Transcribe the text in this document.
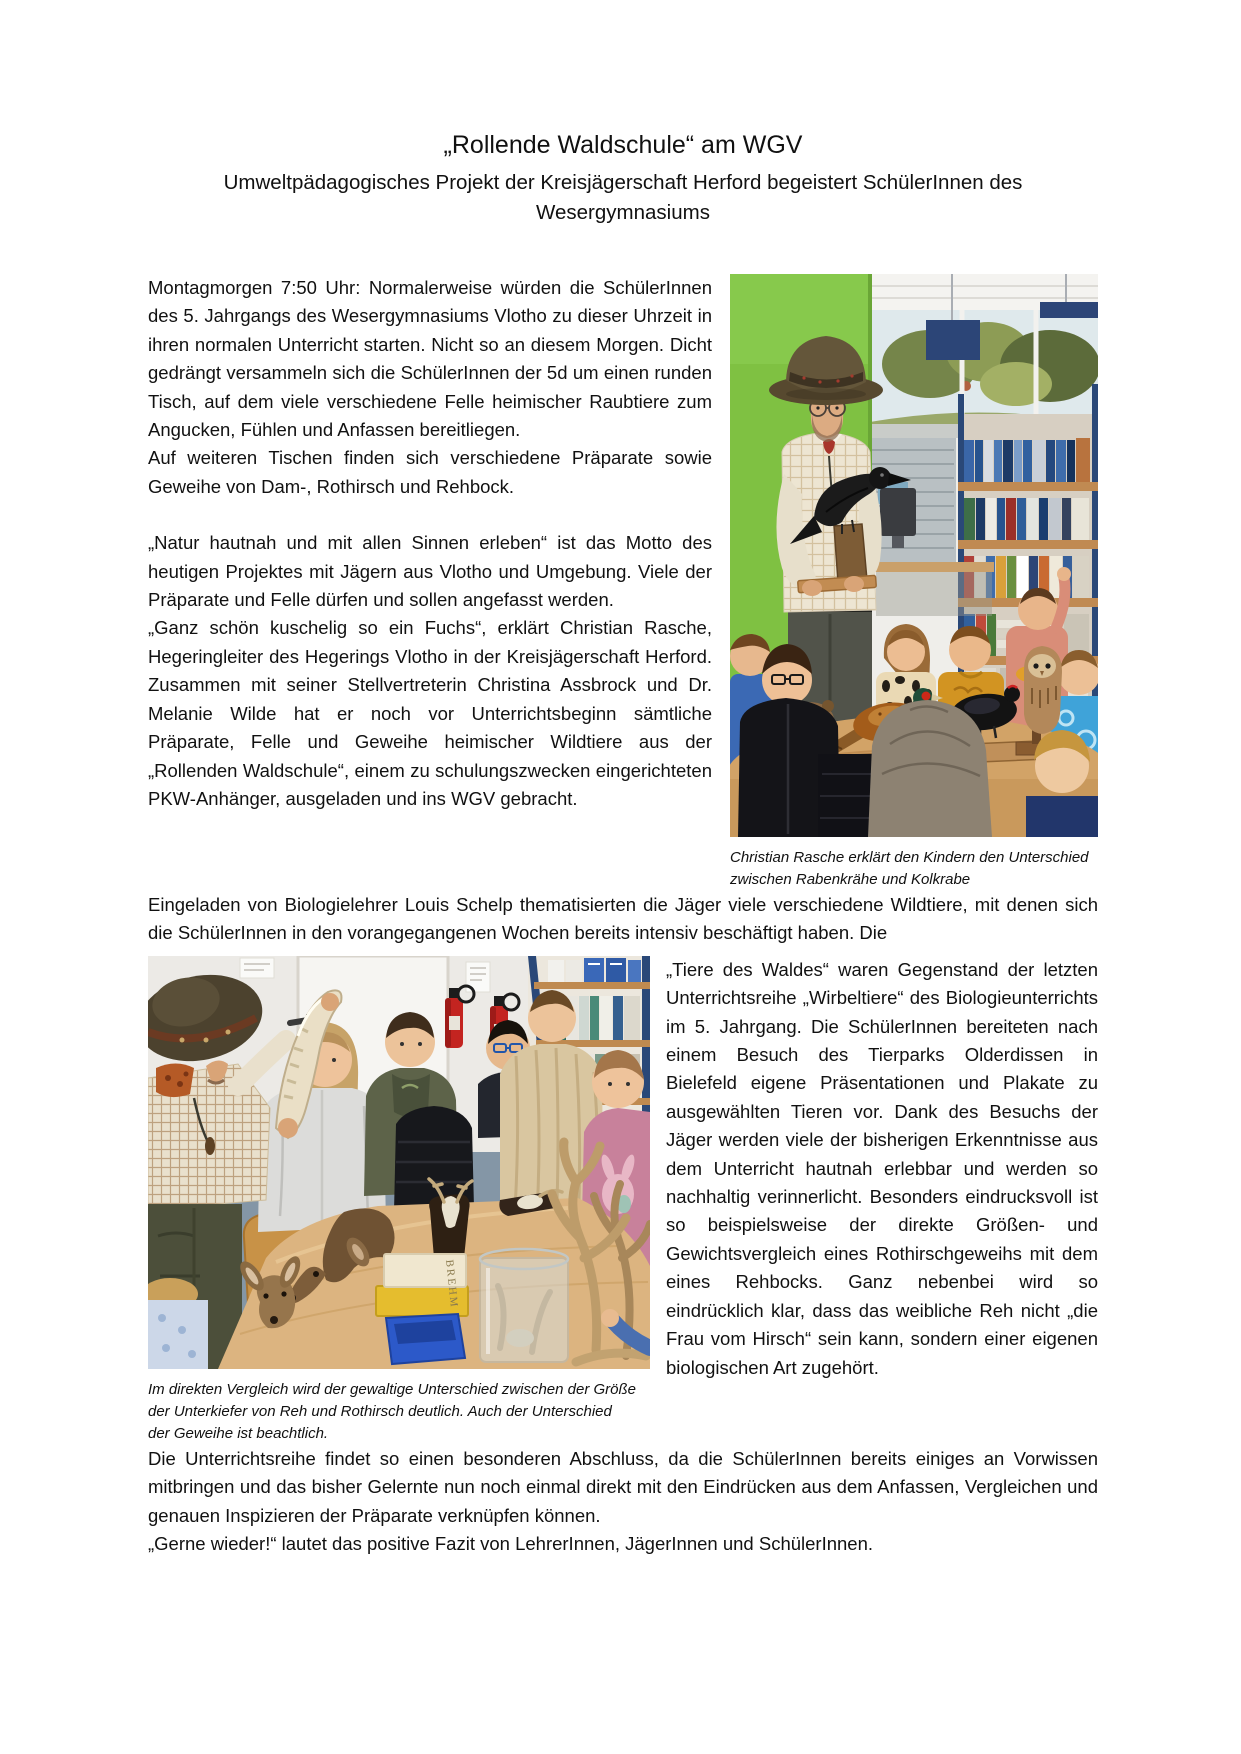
„Rollende Waldschule“ am WGV
Umweltpädagogisches Projekt der Kreisjägerschaft Herford begeistert SchülerInnen des Wesergymnasiums

Montagmorgen 7:50 Uhr: Normalerweise würden die SchülerInnen des 5. Jahrgangs des Wesergymnasiums Vlotho zu dieser Uhrzeit in ihren normalen Unterricht starten. Nicht so an diesem Morgen. Dicht gedrängt versammeln sich die SchülerInnen der 5d um einen runden Tisch, auf dem viele verschiedene Felle heimischer Raubtiere zum Angucken, Fühlen und Anfassen bereitliegen.

Auf weiteren Tischen finden sich verschiedene Präparate sowie Geweihe von Dam-, Rothirsch und Rehbock.

„Natur hautnah und mit allen Sinnen erleben“ ist das Motto des heutigen Projektes mit Jägern aus Vlotho und Umgebung. Viele der Präparate und Felle dürfen und sollen angefasst werden.

„Ganz schön kuschelig so ein Fuchs“, erklärt Christian Rasche, Hegeringleiter des Hegerings Vlotho in der Kreisjägerschaft Herford. Zusammen mit seiner Stellvertreterin Christina Assbrock und Dr. Melanie Wilde hat er noch vor Unterrichtsbeginn sämtliche Präparate, Felle und Geweihe heimischer Wildtiere aus der „Rollenden Waldschule“, einem zu schulungszwecken eingerichteten PKW-Anhänger, ausgeladen und ins WGV gebracht.

Christian Rasche erklärt den Kindern den Unterschied zwischen Rabenkrähe und Kolkrabe

Eingeladen von Biologielehrer Louis Schelp thematisierten die Jäger viele verschiedene Wildtiere, mit denen sich die SchülerInnen in den vorangegangenen Wochen bereits intensiv beschäftigt haben. Die

BREHM
Im direkten Vergleich wird der gewaltige Unterschied zwischen der Größe der Unterkiefer von Reh und Rothirsch deutlich. Auch der Unterschied der Geweihe ist beachtlich.

„Tiere des Waldes“ waren Gegenstand der letzten Unterrichtsreihe „Wirbeltiere“ des Biologieunterrichts im 5. Jahrgang. Die SchülerInnen bereiteten nach einem Besuch des Tierparks Olderdissen in Bielefeld eigene Präsentationen und Plakate zu ausgewählten Tieren vor. Dank des Besuchs der Jäger werden viele der bisherigen Erkenntnisse aus dem Unterricht hautnah erlebbar und werden so nachhaltig verinnerlicht. Besonders eindrucksvoll ist so beispielsweise der direkte Größen- und Gewichtsvergleich eines Rothirschgeweihs mit dem eines Rehbocks. Ganz nebenbei wird so eindrücklich klar, dass das weibliche Reh nicht „die Frau vom Hirsch“ sein kann, sondern einer eigenen biologischen Art zugehört.

Die Unterrichtsreihe findet so einen besonderen Abschluss, da die SchülerInnen bereits einiges an Vorwissen mitbringen und das bisher Gelernte nun noch einmal direkt mit den Eindrücken aus dem Anfassen, Vergleichen und genauen Inspizieren der Präparate verknüpfen können.

„Gerne wieder!“ lautet das positive Fazit von LehrerInnen, JägerInnen und SchülerInnen.
